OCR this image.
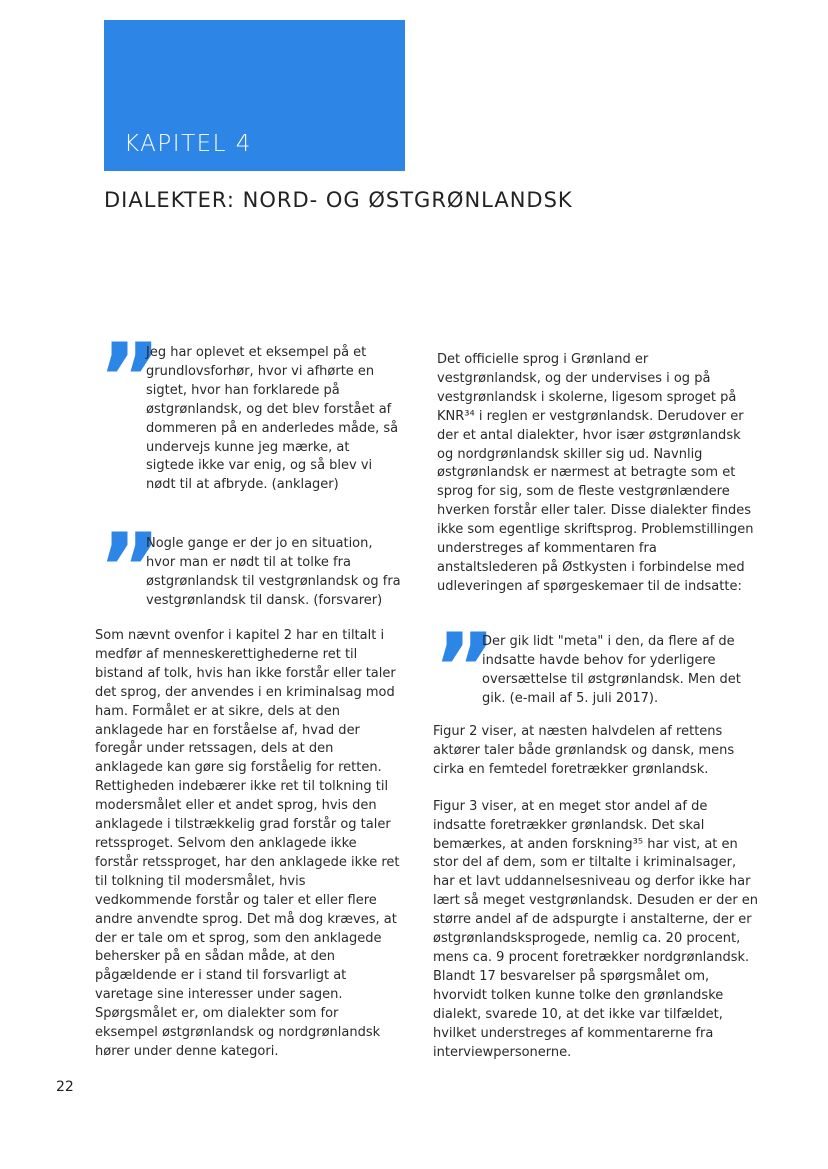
KAPITEL 4
DIALEKTER: NORD- OG ØSTGRØNLANDSK
”

Jeg har oplevet et eksempel på et grundlovsforhør, hvor vi afhørte en sigtet, hvor han forklarede på østgrønlandsk, og det blev forstået af dommeren på en anderledes måde, så undervejs kunne jeg mærke, at sigtede ikke var enig, og så blev vi nødt til at afbryde. (anklager)

”

Nogle gange er der jo en situation, hvor man er nødt til at tolke fra østgrønlandsk til vestgrønlandsk og fra vestgrønlandsk til dansk. (forsvarer)

Som nævnt ovenfor i kapitel 2 har en tiltalt i medfør af menneskerettighederne ret til bistand af tolk, hvis han ikke forstår eller taler det sprog, der anvendes i en kriminalsag mod ham. Formålet er at sikre, dels at den anklagede har en forståelse af, hvad der foregår under retssagen, dels at den anklagede kan gøre sig forståelig for retten. Rettigheden indebærer ikke ret til tolkning til modersmålet eller et andet sprog, hvis den anklagede i tilstrækkelig grad forstår og taler retssproget. Selvom den anklagede ikke forstår retssproget, har den anklagede ikke ret til tolkning til modersmålet, hvis vedkommende forstår og taler et eller flere andre anvendte sprog. Det må dog kræves, at der er tale om et sprog, som den anklagede behersker på en sådan måde, at den pågældende er i stand til forsvarligt at varetage sine interesser under sagen. Spørgsmålet er, om dialekter som for eksempel østgrønlandsk og nordgrønlandsk hører under denne kategori.

Det officielle sprog i Grønland er vestgrønlandsk, og der undervises i og på vestgrønlandsk i skolerne, ligesom sproget på KNR³⁴ i reglen er vestgrønlandsk. Derudover er der et antal dialekter, hvor især østgrønlandsk og nordgrønlandsk skiller sig ud. Navnlig østgrønlandsk er nærmest at betragte som et sprog for sig, som de fleste vestgrønlændere hverken forstår eller taler. Disse dialekter findes ikke som egentlige skriftsprog. Problemstillingen understreges af kommentaren fra anstaltslederen på Østkysten i forbindelse med udleveringen af spørgeskemaer til de indsatte:

”

Der gik lidt "meta" i den, da flere af de indsatte havde behov for yderligere oversættelse til østgrønlandsk. Men det gik. (e-mail af 5. juli 2017).

Figur 2 viser, at næsten halvdelen af rettens aktører taler både grønlandsk og dansk, mens cirka en femtedel foretrækker grønlandsk.

Figur 3 viser, at en meget stor andel af de indsatte foretrækker grønlandsk. Det skal bemærkes, at anden forskning³⁵ har vist, at en stor del af dem, som er tiltalte i kriminalsager, har et lavt uddannelsesniveau og derfor ikke har lært så meget vestgrønlandsk. Desuden er der en større andel af de adspurgte i anstalterne, der er østgrønlandsksprogede, nemlig ca. 20 procent, mens ca. 9 procent foretrækker nordgrønlandsk. Blandt 17 besvarelser på spørgsmålet om, hvorvidt tolken kunne tolke den grønlandske dialekt, svarede 10, at det ikke var tilfældet, hvilket understreges af kommentarerne fra interviewpersonerne.

22
